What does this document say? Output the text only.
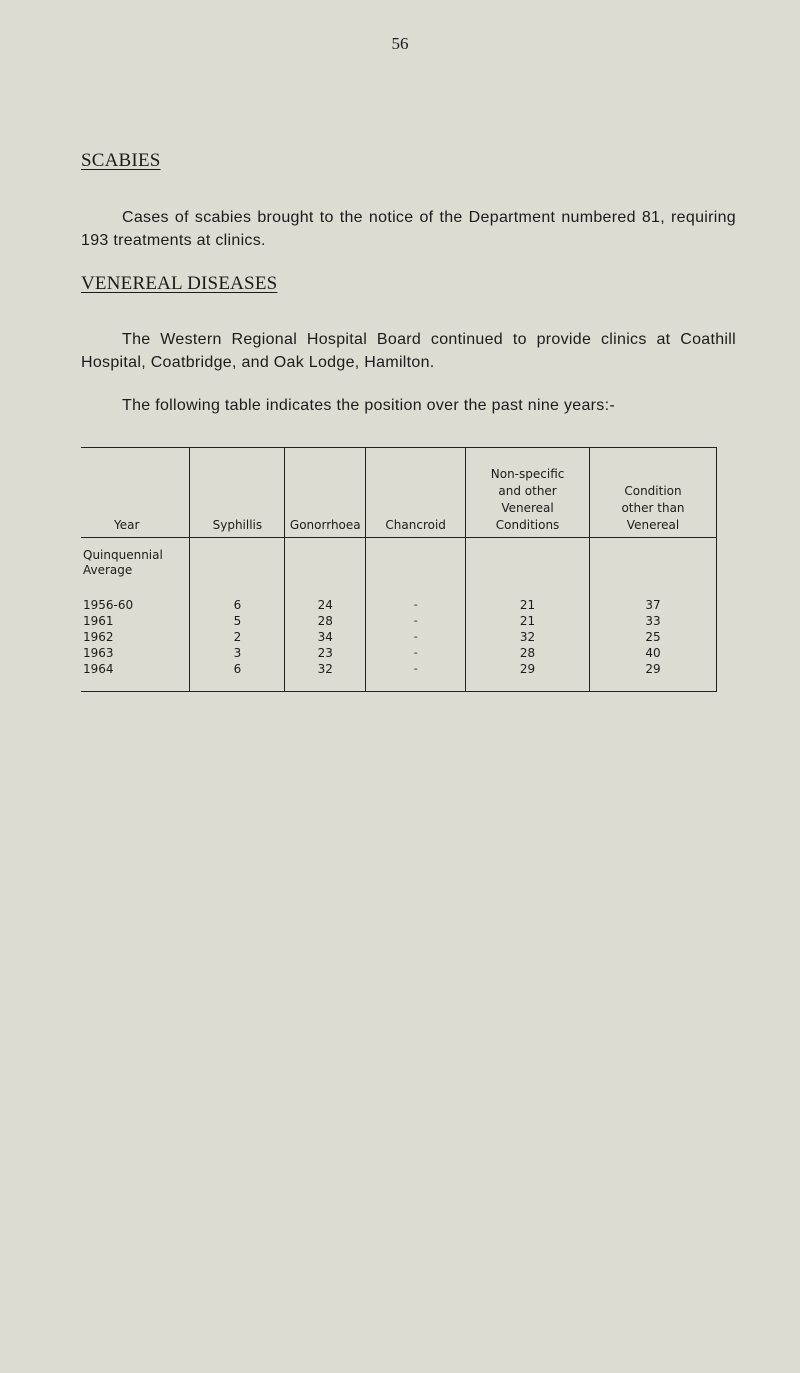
56
SCABIES
Cases of scabies brought to the notice of the Department numbered 81, requiring 193 treatments at clinics.
VENEREAL DISEASES
The Western Regional Hospital Board continued to provide clinics at Coathill Hospital, Coatbridge, and Oak Lodge, Hamilton.
The following table indicates the position over the past nine years:-
Year	Syphillis	Gonorrhoea	Chancroid	Non-specific and other Venereal Conditions	Condition other than Venereal
Quinquennial Average					
1956-60	6	24	-	21	37
1961	5	28	-	21	33
1962	2	34	-	32	25
1963	3	23	-	28	40
1964	6	32	-	29	29
